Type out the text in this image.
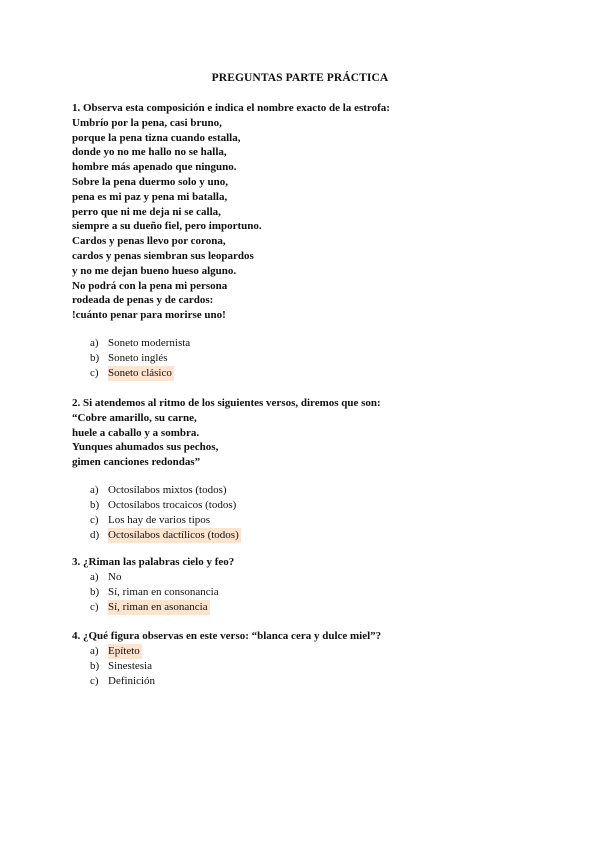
PREGUNTAS PARTE PRÁCTICA

1. Observa esta composición e indica el nombre exacto de la estrofa:

Umbrío por la pena, casi bruno,

porque la pena tizna cuando estalla,

donde yo no me hallo no se halla,

hombre más apenado que ninguno.

Sobre la pena duermo solo y uno,

pena es mi paz y pena mi batalla,

perro que ni me deja ni se calla,

siempre a su dueño fiel, pero importuno.

Cardos y penas llevo por corona,

cardos y penas siembran sus leopardos

y no me dejan bueno hueso alguno.

No podrá con la pena mi persona

rodeada de penas y de cardos:

!cuánto penar para morirse uno!

a) Soneto modernista
b) Soneto inglés
c) Soneto clásico

2. Si atendemos al ritmo de los siguientes versos, diremos que son:

“Cobre amarillo, su carne,

huele a caballo y a sombra.

Yunques ahumados sus pechos,

gimen canciones redondas”

a) Octosílabos mixtos (todos)
b) Octosílabos trocaicos (todos)
c) Los hay de varios tipos
d) Octosílabos dactílicos (todos)

3. ¿Riman las palabras cielo y feo?

a) No
b) Sí, riman en consonancia
c) Sí, riman en asonancia

4. ¿Qué figura observas en este verso: “blanca cera y dulce miel”?

a) Epíteto
b) Sinestesia
c) Definición
